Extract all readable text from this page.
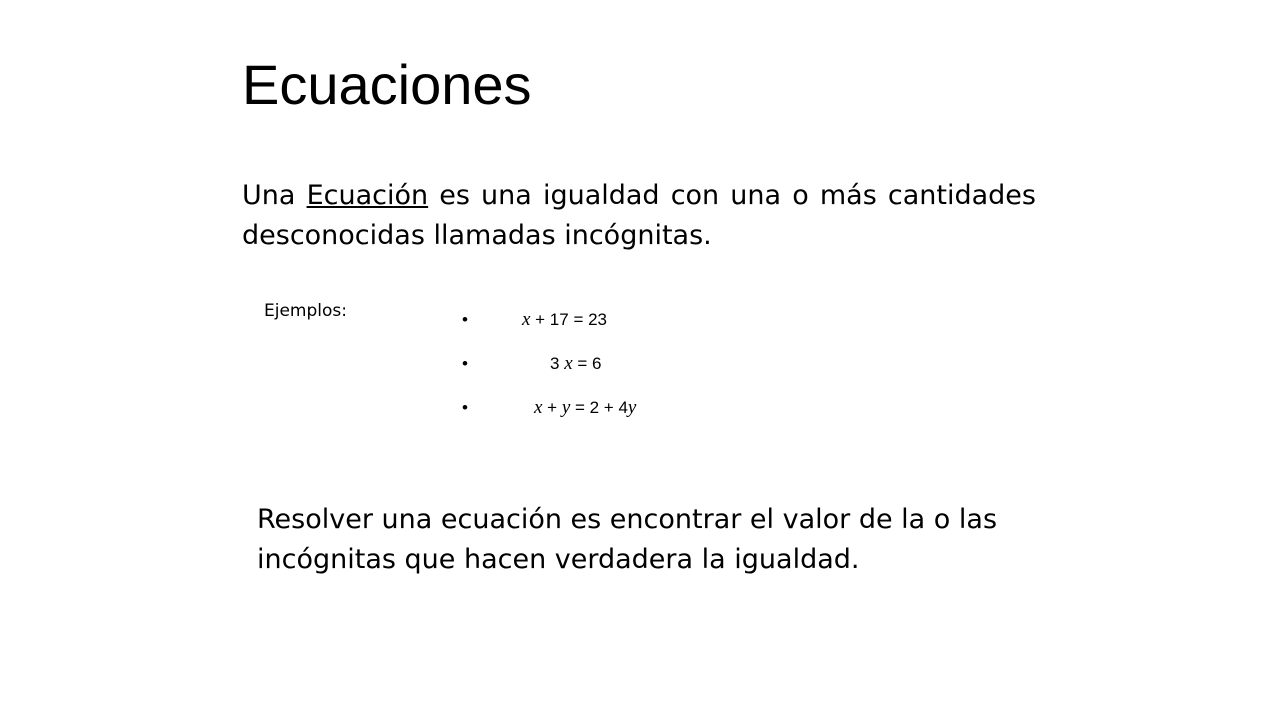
Ecuaciones

Una Ecuación es una igualdad con una o más cantidades desconocidas llamadas incógnitas.

Ejemplos:	•	x + 17 = 23
•	3 x = 6
•	x + y = 2 + 4y

Resolver una ecuación es encontrar el valor de la o las incógnitas que hacen verdadera la igualdad.
